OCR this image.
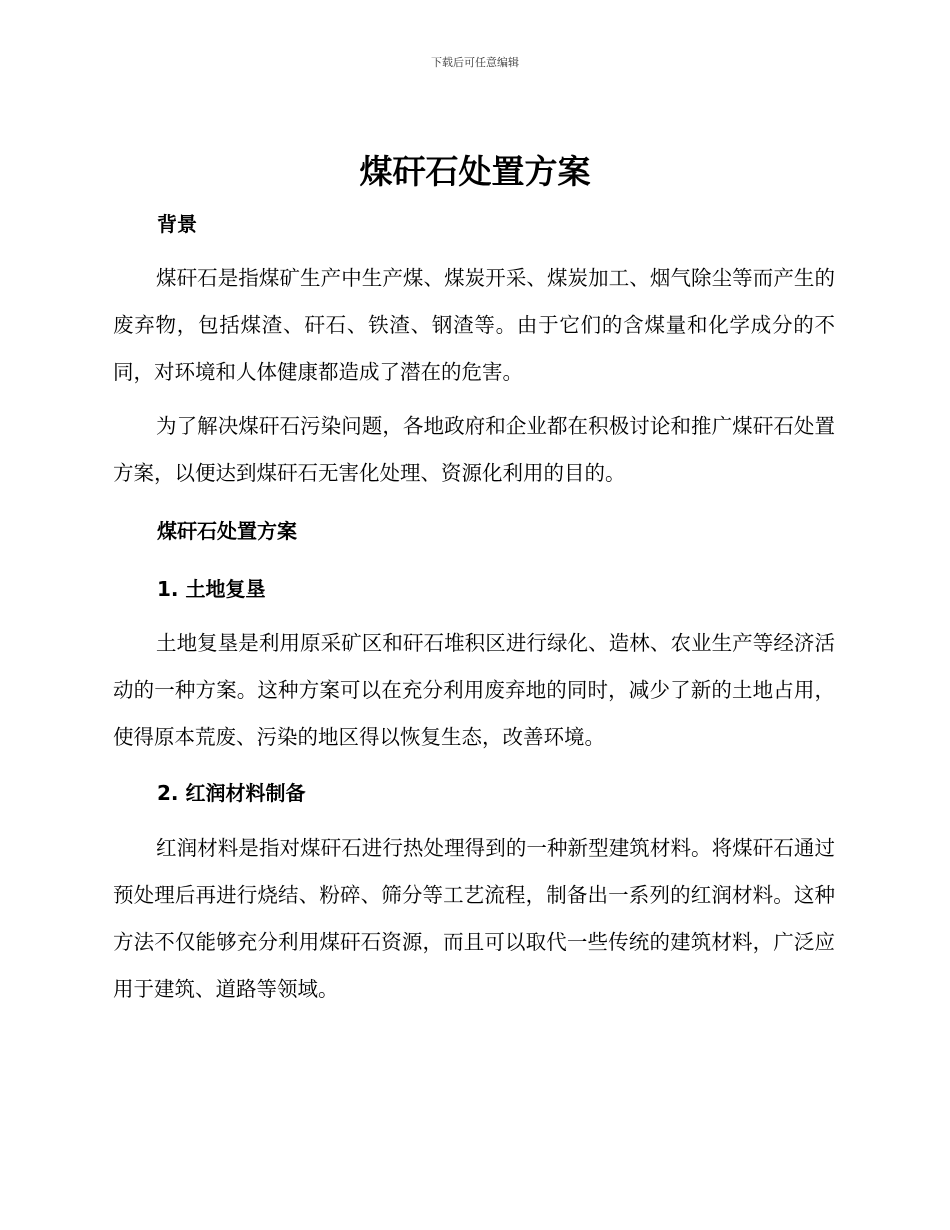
下载后可任意编辑
煤矸石处置方案
背景

煤矸石是指煤矿生产中生产煤、煤炭开采、煤炭加工、烟气除尘等而产生的废弃物，包括煤渣、矸石、铁渣、钢渣等。由于它们的含煤量和化学成分的不同，对环境和人体健康都造成了潜在的危害。

为了解决煤矸石污染问题，各地政府和企业都在积极讨论和推广煤矸石处置方案，以便达到煤矸石无害化处理、资源化利用的目的。

煤矸石处置方案
1. 土地复垦

土地复垦是利用原采矿区和矸石堆积区进行绿化、造林、农业生产等经济活动的一种方案。这种方案可以在充分利用废弃地的同时，减少了新的土地占用，使得原本荒废、污染的地区得以恢复生态，改善环境。

2. 红润材料制备

红润材料是指对煤矸石进行热处理得到的一种新型建筑材料。将煤矸石通过预处理后再进行烧结、粉碎、筛分等工艺流程，制备出一系列的红润材料。这种方法不仅能够充分利用煤矸石资源，而且可以取代一些传统的建筑材料，广泛应用于建筑、道路等领域。
